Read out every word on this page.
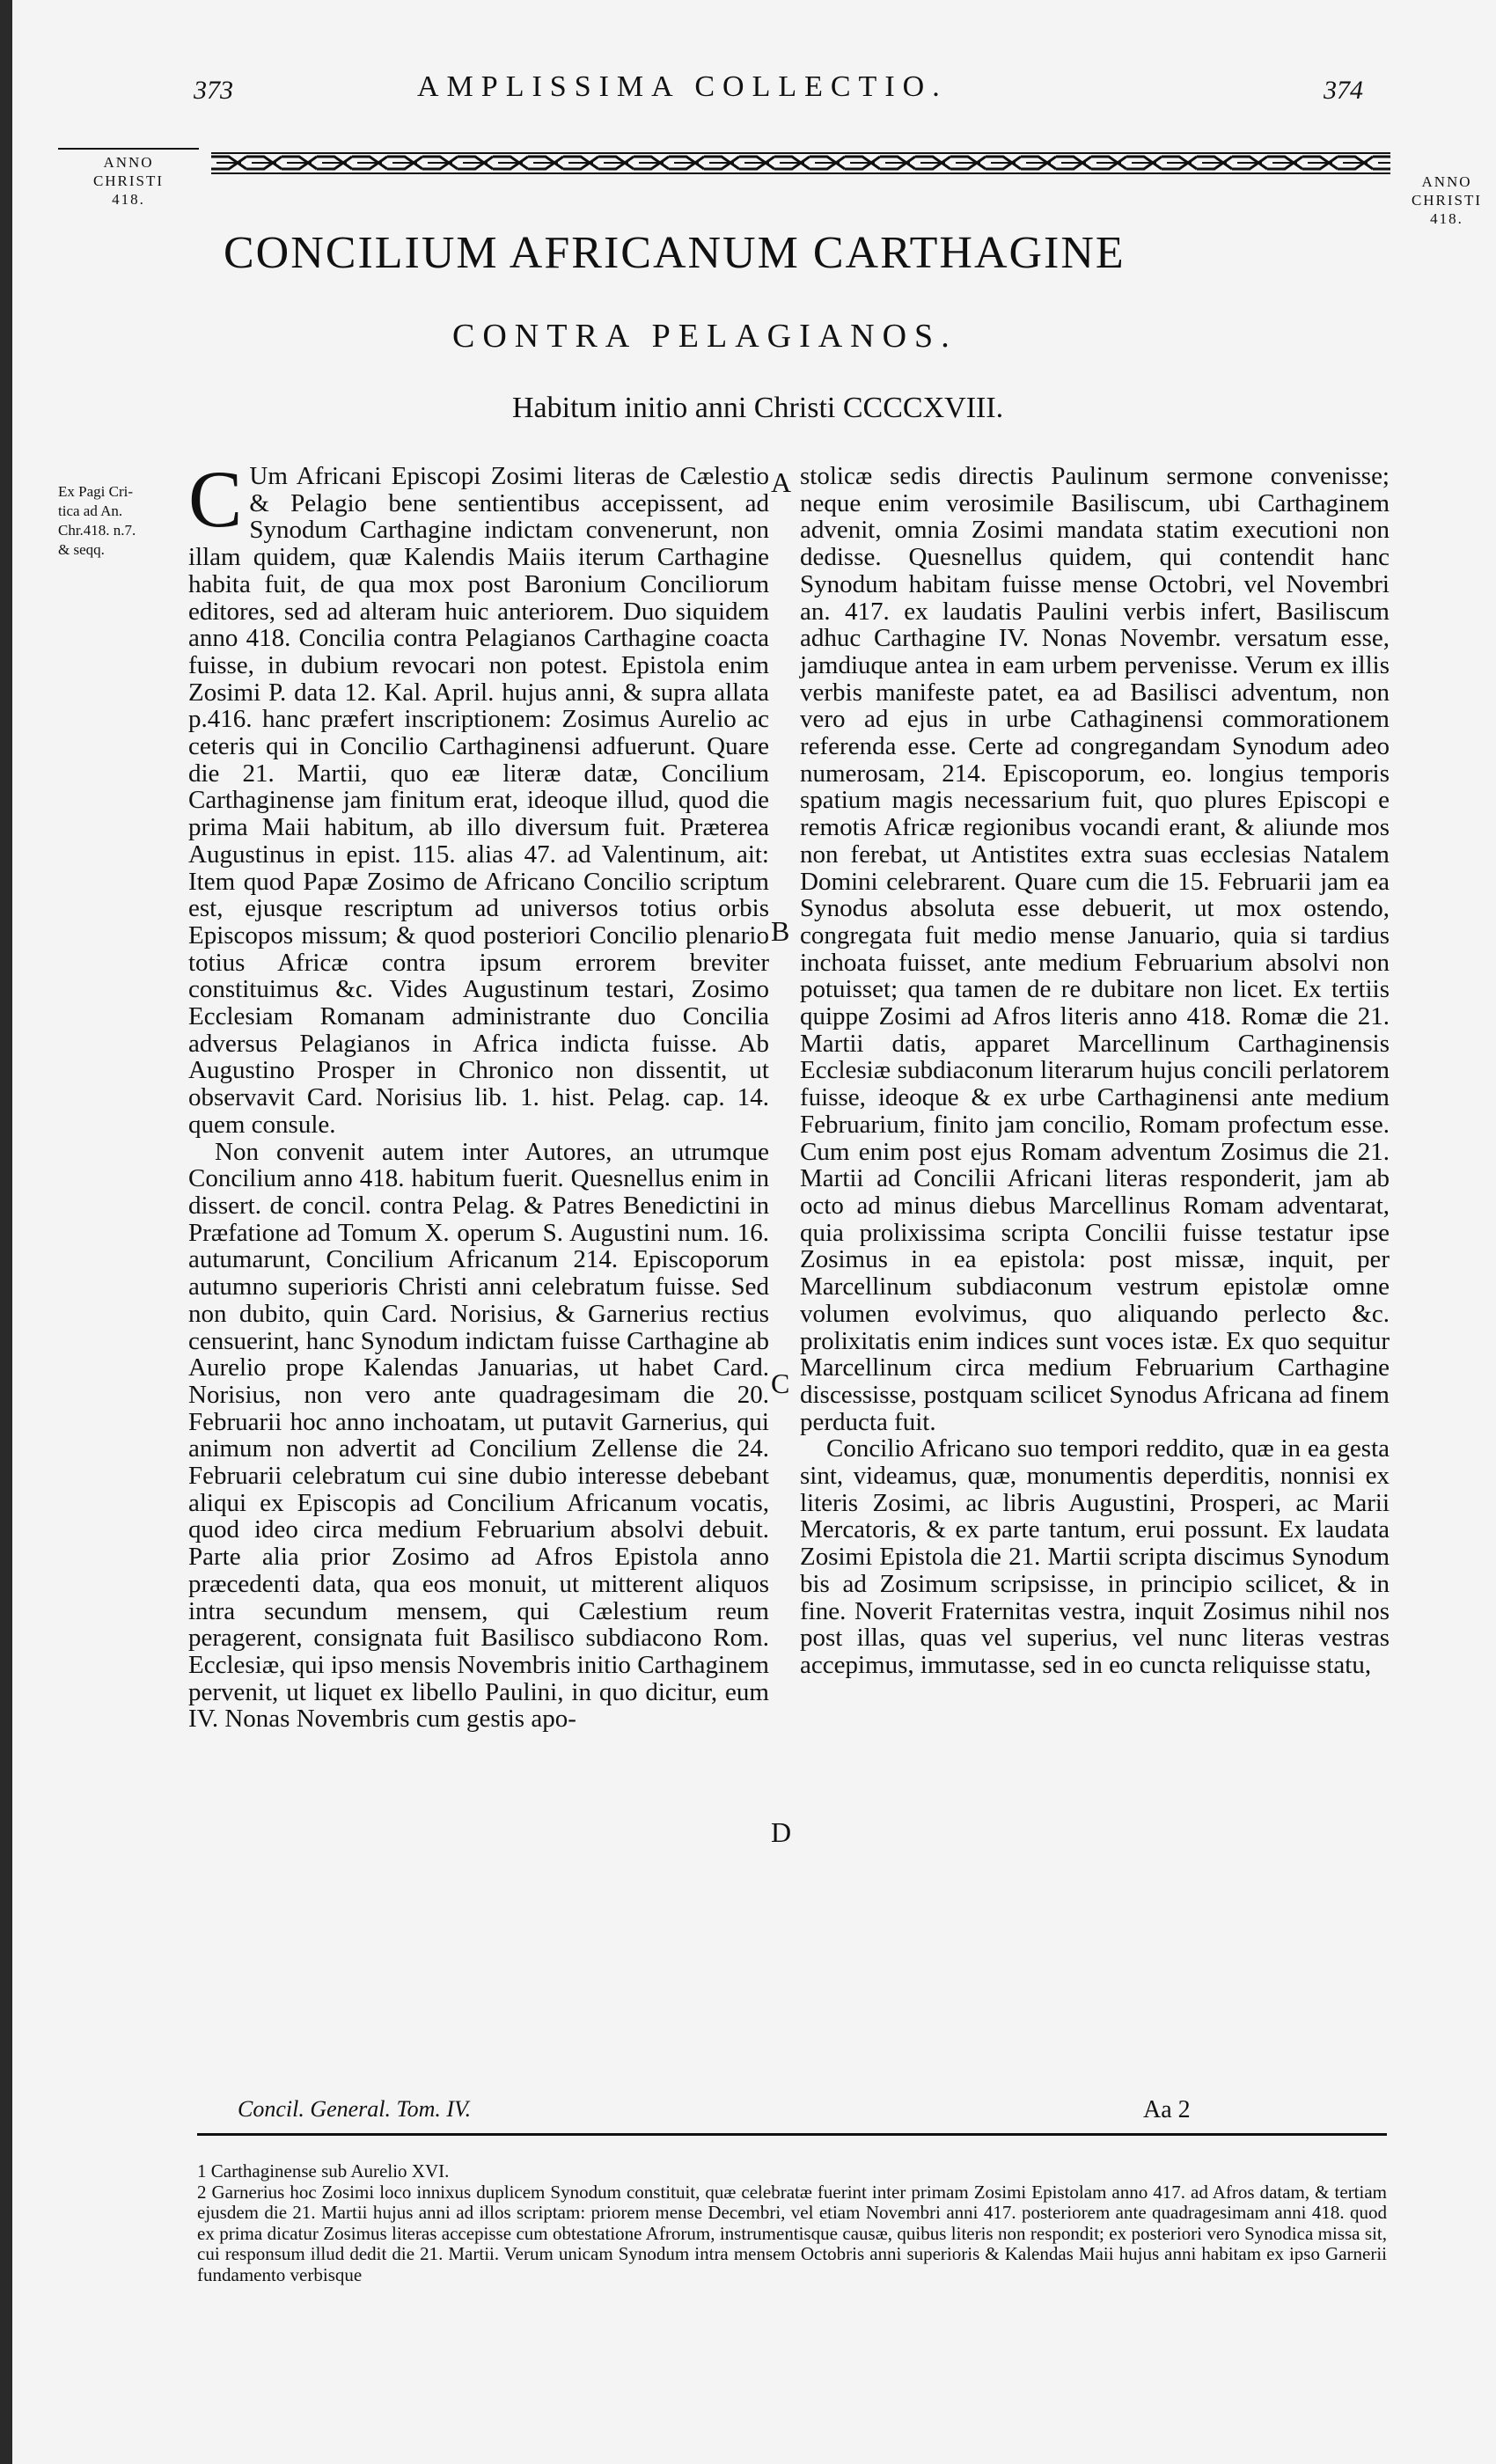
373	AMPLISSIMA COLLECTIO.	374
ANNO
CHRISTI
418.
ANNO
CHRISTI
418.
CONCILIUM AFRICANUM CARTHAGINE
CONTRA PELAGIANOS.
Habitum initio anni Christi CCCCXVIII.
Ex Pagi Cri-
tica ad An.
Chr.418. n.7.
& seqq.

C Um Africani Episcopi Zosimi literas de Cælestio & Pelagio bene sentientibus accepissent, ad Synodum Carthagine indictam convenerunt, non illam quidem, quæ Kalendis Maiis iterum Carthagine habita fuit, de qua mox post Baronium Conciliorum editores, sed ad alteram huic anteriorem. Duo siquidem anno 418. Concilia contra Pelagianos Carthagine coacta fuisse, in dubium revocari non potest. Epistola enim Zosimi P. data 12. Kal. April. hujus anni, & supra allata p.416. hanc præfert inscriptionem: Zosimus Aurelio ac ceteris qui in Concilio Carthaginensi adfuerunt. Quare die 21. Martii, quo eæ literæ datæ, Concilium Carthaginense jam finitum erat, ideoque illud, quod die prima Maii habitum, ab illo diversum fuit. Præterea Augustinus in epist. 115. alias 47. ad Valentinum, ait: Item quod Papæ Zosimo de Africano Concilio scriptum est, ejusque rescriptum ad universos totius orbis Episcopos missum; & quod posteriori Concilio plenario totius Africæ contra ipsum errorem breviter constituimus &c. Vides Augustinum testari, Zosimo Ecclesiam Romanam administrante duo Concilia adversus Pelagianos in Africa indicta fuisse. Ab Augustino Prosper in Chronico non dissentit, ut observavit Card. Norisius lib. 1. hist. Pelag. cap. 14. quem consule.

Non convenit autem inter Autores, an utrumque Concilium anno 418. habitum fuerit. Quesnellus enim in dissert. de concil. contra Pelag. & Patres Benedictini in Præfatione ad Tomum X. operum S. Augustini num. 16. autumarunt, Concilium Africanum 214. Episcoporum autumno superioris Christi anni celebratum fuisse. Sed non dubito, quin Card. Norisius, & Garnerius rectius censuerint, hanc Synodum indictam fuisse Carthagine ab Aurelio prope Kalendas Januarias, ut habet Card. Norisius, non vero ante quadragesimam die 20. Februarii hoc anno inchoatam, ut putavit Garnerius, qui animum non advertit ad Concilium Zellense die 24. Februarii celebratum cui sine dubio interesse debebant aliqui ex Episcopis ad Concilium Africanum vocatis, quod ideo circa medium Februarium absolvi debuit. Parte alia prior Zosimo ad Afros Epistola anno præcedenti data, qua eos monuit, ut mitterent aliquos intra secundum mensem, qui Cælestium reum peragerent, consignata fuit Basilisco subdiacono Rom. Ecclesiæ, qui ipso mensis Novembris initio Carthaginem pervenit, ut liquet ex libello Paulini, in quo dicitur, eum IV. Nonas Novembris cum gestis apo-

A
B
C
D

stolicæ sedis directis Paulinum sermone convenisse; neque enim verosimile Basiliscum, ubi Carthaginem advenit, omnia Zosimi mandata statim executioni non dedisse. Quesnellus quidem, qui contendit hanc Synodum habitam fuisse mense Octobri, vel Novembri an. 417. ex laudatis Paulini verbis infert, Basiliscum adhuc Carthagine IV. Nonas Novembr. versatum esse, jamdiuque antea in eam urbem pervenisse. Verum ex illis verbis manifeste patet, ea ad Basilisci adventum, non vero ad ejus in urbe Cathaginensi commorationem referenda esse. Certe ad congregandam Synodum adeo numerosam, 214. Episcoporum, eo. longius temporis spatium magis necessarium fuit, quo plures Episcopi e remotis Africæ regionibus vocandi erant, & aliunde mos non ferebat, ut Antistites extra suas ecclesias Natalem Domini celebrarent. Quare cum die 15. Februarii jam ea Synodus absoluta esse debuerit, ut mox ostendo, congregata fuit medio mense Januario, quia si tardius inchoata fuisset, ante medium Februarium absolvi non potuisset; qua tamen de re dubitare non licet. Ex tertiis quippe Zosimi ad Afros literis anno 418. Romæ die 21. Martii datis, apparet Marcellinum Carthaginensis Ecclesiæ subdiaconum literarum hujus concili perlatorem fuisse, ideoque & ex urbe Carthaginensi ante medium Februarium, finito jam concilio, Romam profectum esse. Cum enim post ejus Romam adventum Zosimus die 21. Martii ad Concilii Africani literas responderit, jam ab octo ad minus diebus Marcellinus Romam adventarat, quia prolixissima scripta Concilii fuisse testatur ipse Zosimus in ea epistola: post missæ, inquit, per Marcellinum subdiaconum vestrum epistolæ omne volumen evolvimus, quo aliquando perlecto &c. prolixitatis enim indices sunt voces istæ. Ex quo sequitur Marcellinum circa medium Februarium Carthagine discessisse, postquam scilicet Synodus Africana ad finem perducta fuit.

Concilio Africano suo tempori reddito, quæ in ea gesta sint, videamus, quæ, monumentis deperditis, nonnisi ex literis Zosimi, ac libris Augustini, Prosperi, ac Marii Mercatoris, & ex parte tantum, erui possunt. Ex laudata Zosimi Epistola die 21. Martii scripta discimus Synodum bis ad Zosimum scripsisse, in principio scilicet, & in fine. Noverit Fraternitas vestra, inquit Zosimus nihil nos post illas, quas vel superius, vel nunc literas vestras accepimus, immutasse, sed in eo cuncta reliquisse statu,

Concil. General. Tom. IV.	Aa 2
1 Carthaginense sub Aurelio XVI.
2 Garnerius hoc Zosimi loco innixus duplicem Synodum constituit, quæ celebratæ fuerint inter primam Zosimi Epistolam anno 417. ad Afros datam, & tertiam ejusdem die 21. Martii hujus anni ad illos scriptam: priorem mense Decembri, vel etiam Novembri anni 417. posteriorem ante quadragesimam anni 418. quod ex prima dicatur Zosimus literas accepisse cum obtestatione Afrorum, instrumentisque causæ, quibus literis non respondit; ex posteriori vero Synodica missa sit, cui responsum illud dedit die 21. Martii. Verum unicam Synodum intra mensem Octobris anni superioris & Kalendas Maii hujus anni habitam ex ipso Garnerii fundamento verbisque
